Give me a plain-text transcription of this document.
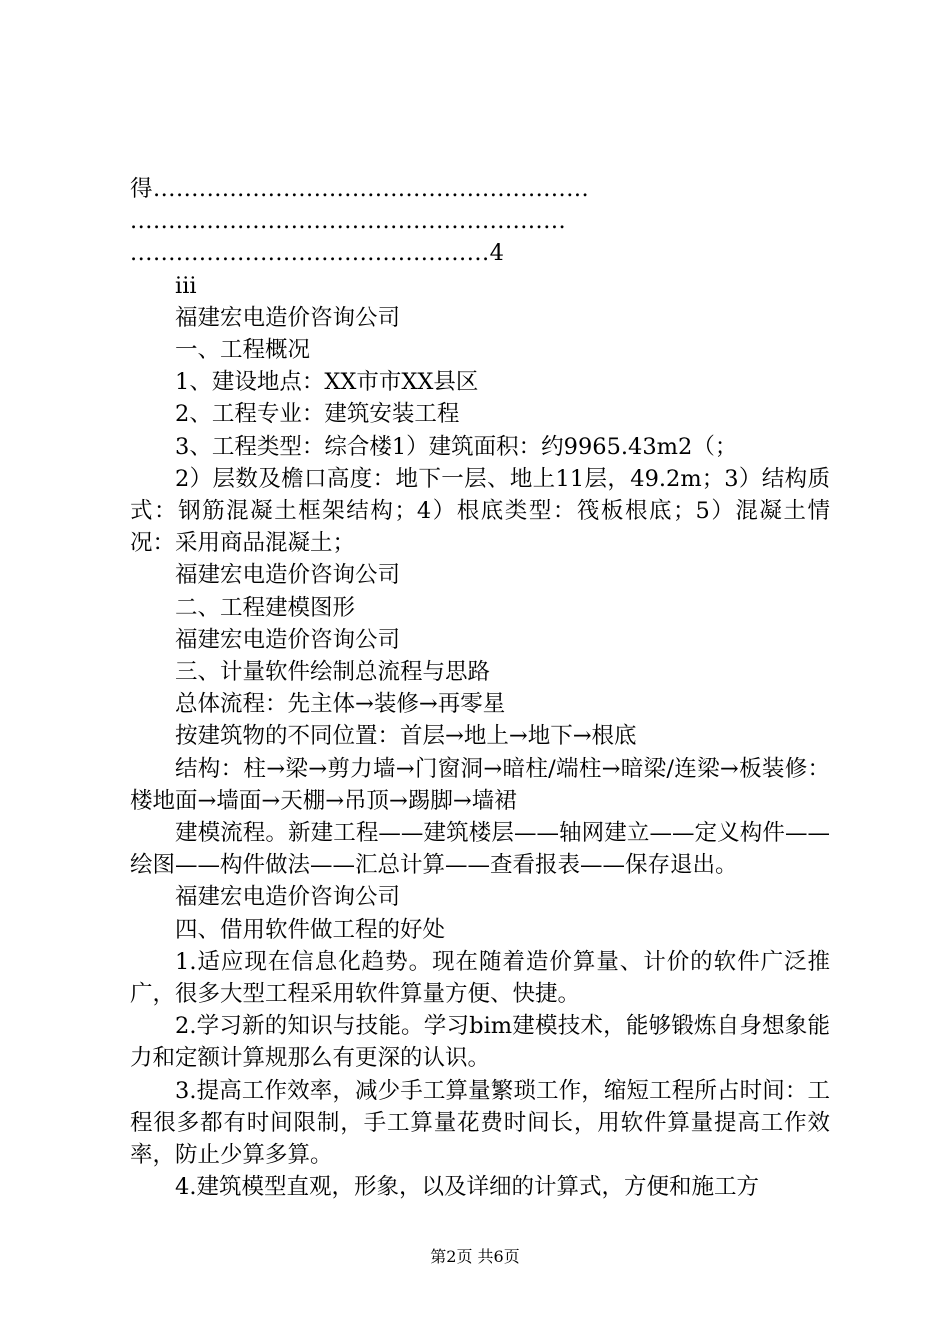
得.........................................................

.........................................................

...............................................4

iii

福建宏电造价咨询公司

一、工程概况

1、建设地点：XX市市XX县区

2、工程专业：建筑安装工程

3、工程类型：综合楼1）建筑面积：约9965.43m2（；

2）层数及檐口高度：地下一层、地上11层，49.2m；3）结构质式：钢筋混凝土框架结构；4）根底类型：筏板根底；5）混凝土情况：采用商品混凝土；

福建宏电造价咨询公司

二、工程建模图形

福建宏电造价咨询公司

三、计量软件绘制总流程与思路

总体流程：先主体→装修→再零星

按建筑物的不同位置：首层→地上→地下→根底

结构：柱→梁→剪力墙→门窗洞→暗柱/端柱→暗梁/连梁→板装修：楼地面→墙面→天棚→吊顶→踢脚→墙裙

建模流程。新建工程——建筑楼层——轴网建立——定义构件——绘图——构件做法——汇总计算——查看报表——保存退出。

福建宏电造价咨询公司

四、借用软件做工程的好处

1.适应现在信息化趋势。现在随着造价算量、计价的软件广泛推广，很多大型工程采用软件算量方便、快捷。

2.学习新的知识与技能。学习bim建模技术，能够锻炼自身想象能力和定额计算规那么有更深的认识。

3.提高工作效率，减少手工算量繁琐工作，缩短工程所占时间：工程很多都有时间限制，手工算量花费时间长，用软件算量提高工作效率，防止少算多算。

4.建筑模型直观，形象，以及详细的计算式，方便和施工方

第2页 共6页
